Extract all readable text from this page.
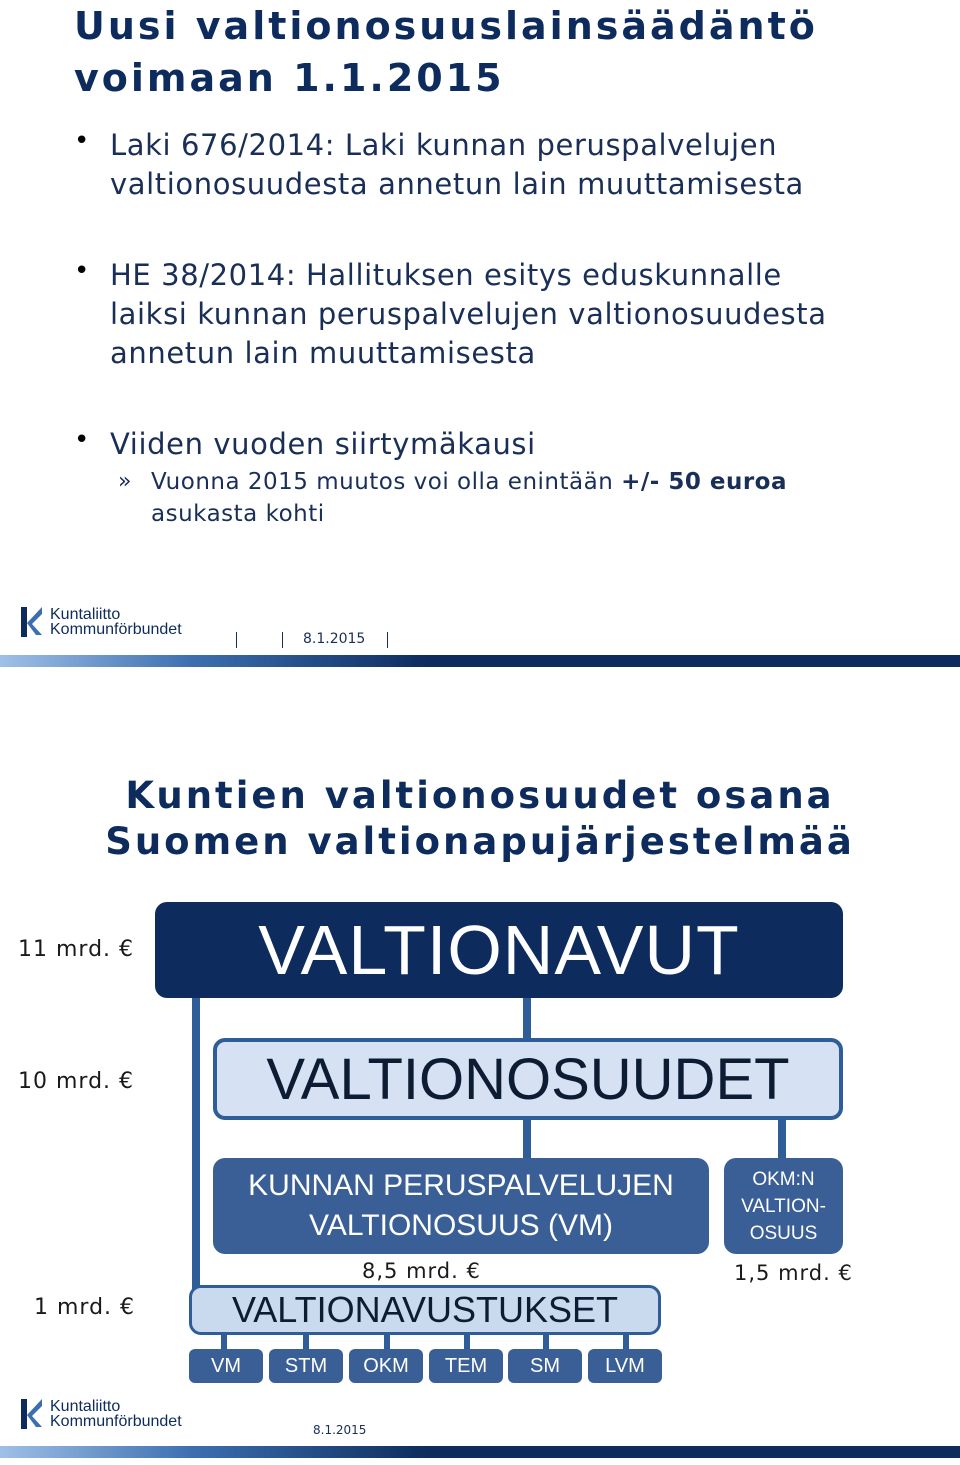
Uusi valtionosuuslainsäädäntö
voimaan 1.1.2015
• Laki 676/2014: Laki kunnan peruspalvelujen
valtionosuudesta annetun lain muuttamisesta
• HE 38/2014: Hallituksen esitys eduskunnalle
laiksi kunnan peruspalvelujen valtionosuudesta
annetun lain muuttamisesta
• Viiden vuoden siirtymäkausi
» Vuonna 2015 muutos voi olla enintään +/- 50 euroa
asukasta kohti
Kuntaliitto
Kommunförbundet
8.1.2015
Kuntien valtionosuudet osana
Suomen valtionapujärjestelmää
11 mrd. €
10 mrd. €
1 mrd. €
VALTIONAVUT
VALTIONOSUUDET
KUNNAN PERUSPALVELUJEN
VALTIONOSUUS (VM)
OKM:N
VALTION-
OSUUS
8,5 mrd. €	1,5 mrd. €
VALTIONAVUSTUKSET
VM	STM	OKM	TEM	SM	LVM
Kuntaliitto
Kommunförbundet	8.1.2015
